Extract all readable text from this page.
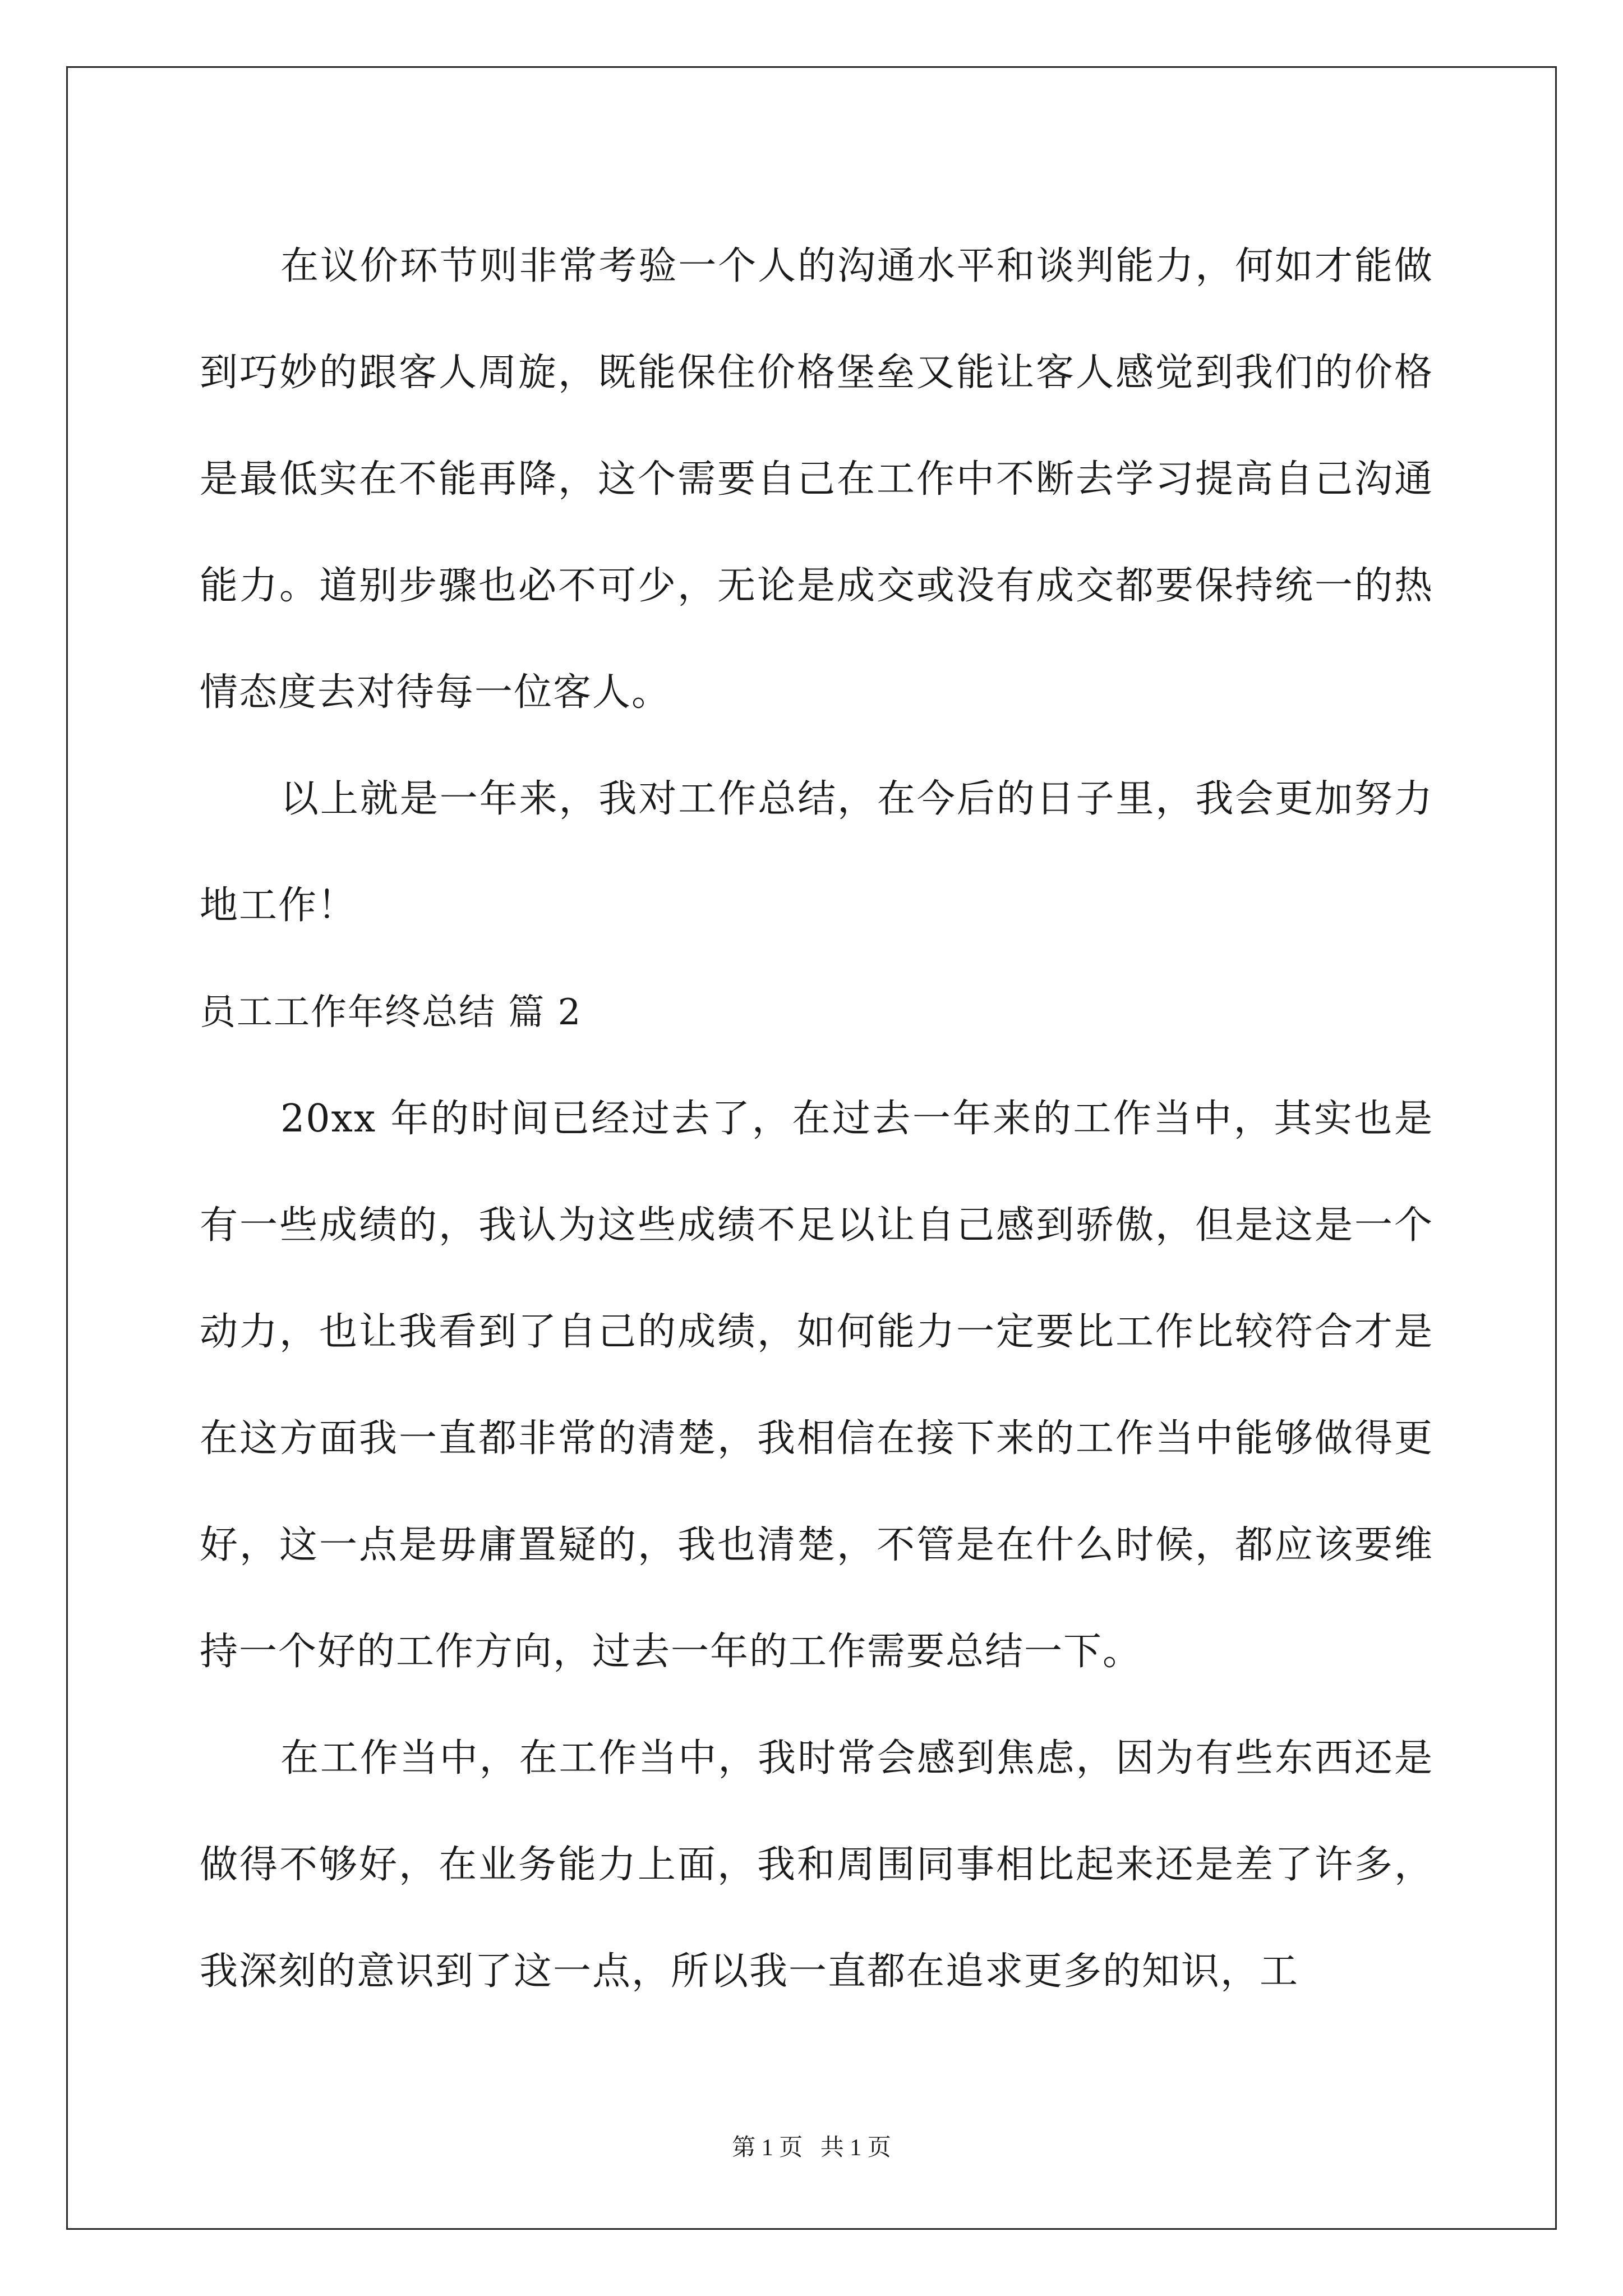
在议价环节则非常考验一个人的沟通水平和谈判能力，何如才能做到巧妙的跟客人周旋，既能保住价格堡垒又能让客人感觉到我们的价格是最低实在不能再降，这个需要自己在工作中不断去学习提高自己沟通能力。道别步骤也必不可少，无论是成交或没有成交都要保持统一的热情态度去对待每一位客人。

以上就是一年来，我对工作总结，在今后的日子里，我会更加努力地工作！

员工工作年终总结 篇 2

20xx 年的时间已经过去了，在过去一年来的工作当中，其实也是有一些成绩的，我认为这些成绩不足以让自己感到骄傲，但是这是一个动力，也让我看到了自己的成绩，如何能力一定要比工作比较符合才是在这方面我一直都非常的清楚，我相信在接下来的工作当中能够做得更好，这一点是毋庸置疑的，我也清楚，不管是在什么时候，都应该要维持一个好的工作方向，过去一年的工作需要总结一下。

在工作当中，在工作当中，我时常会感到焦虑，因为有些东西还是做得不够好，在业务能力上面，我和周围同事相比起来还是差了许多，我深刻的意识到了这一点，所以我一直都在追求更多的知识，工

第 1 页   共 1 页
